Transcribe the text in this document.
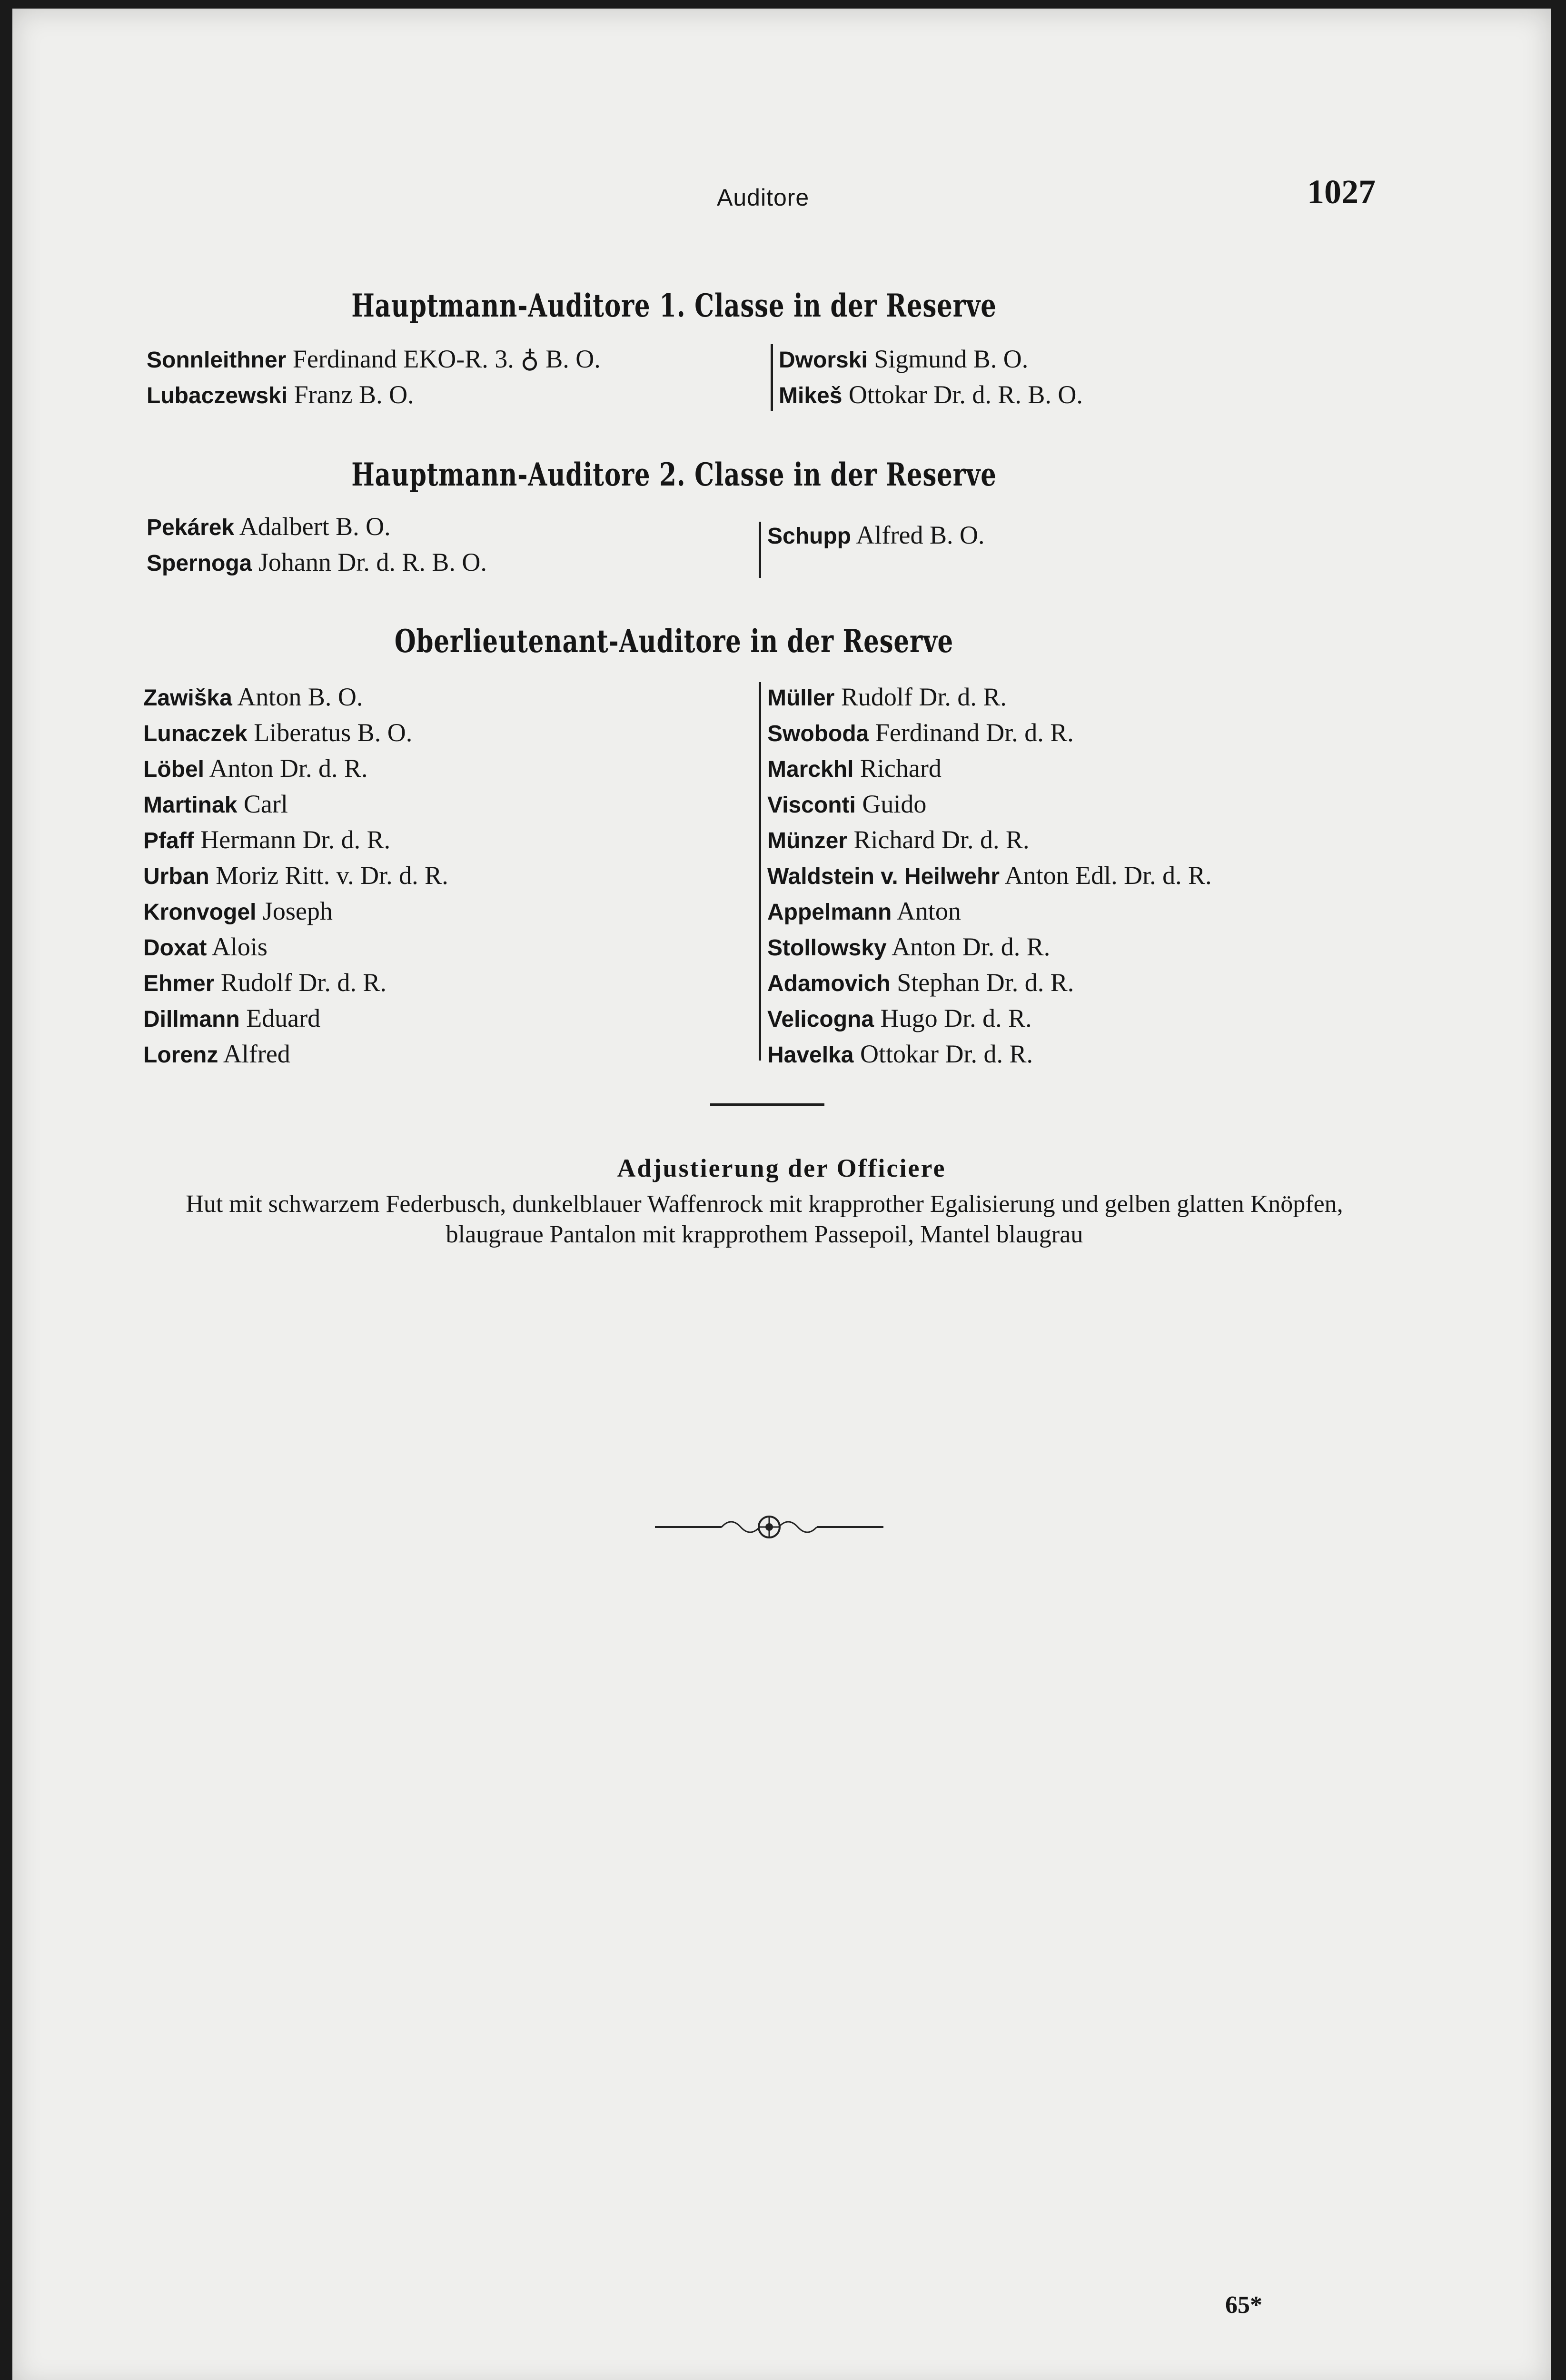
Auditore	1027
Hauptmann-Auditore 1. Classe in der Reserve
Sonnleithner Ferdinand EKO-R. 3. ♁ B. O.
Lubaczewski Franz B. O.
Dworski Sigmund B. O.
Mikeš Ottokar Dr. d. R. B. O.
Hauptmann-Auditore 2. Classe in der Reserve
Pekárek Adalbert B. O.
Spernoga Johann Dr. d. R. B. O.
Schupp Alfred B. O.
Oberlieutenant-Auditore in der Reserve
Zawiška Anton B. O.
Lunaczek Liberatus B. O.
Löbel Anton Dr. d. R.
Martinak Carl
Pfaff Hermann Dr. d. R.
Urban Moriz Ritt. v. Dr. d. R.
Kronvogel Joseph
Doxat Alois
Ehmer Rudolf Dr. d. R.
Dillmann Eduard
Lorenz Alfred
Müller Rudolf Dr. d. R.
Swoboda Ferdinand Dr. d. R.
Marckhl Richard
Visconti Guido
Münzer Richard Dr. d. R.
Waldstein v. Heilwehr Anton Edl. Dr. d. R.
Appelmann Anton
Stollowsky Anton Dr. d. R.
Adamovich Stephan Dr. d. R.
Velicogna Hugo Dr. d. R.
Havelka Ottokar Dr. d. R.
Adjustierung der Officiere
Hut mit schwarzem Federbusch, dunkelblauer Waffenrock mit krapprother Egalisierung und gelben glatten Knöpfen, blaugraue Pantalon mit krapprothem Passepoil, Mantel blaugrau
65*
